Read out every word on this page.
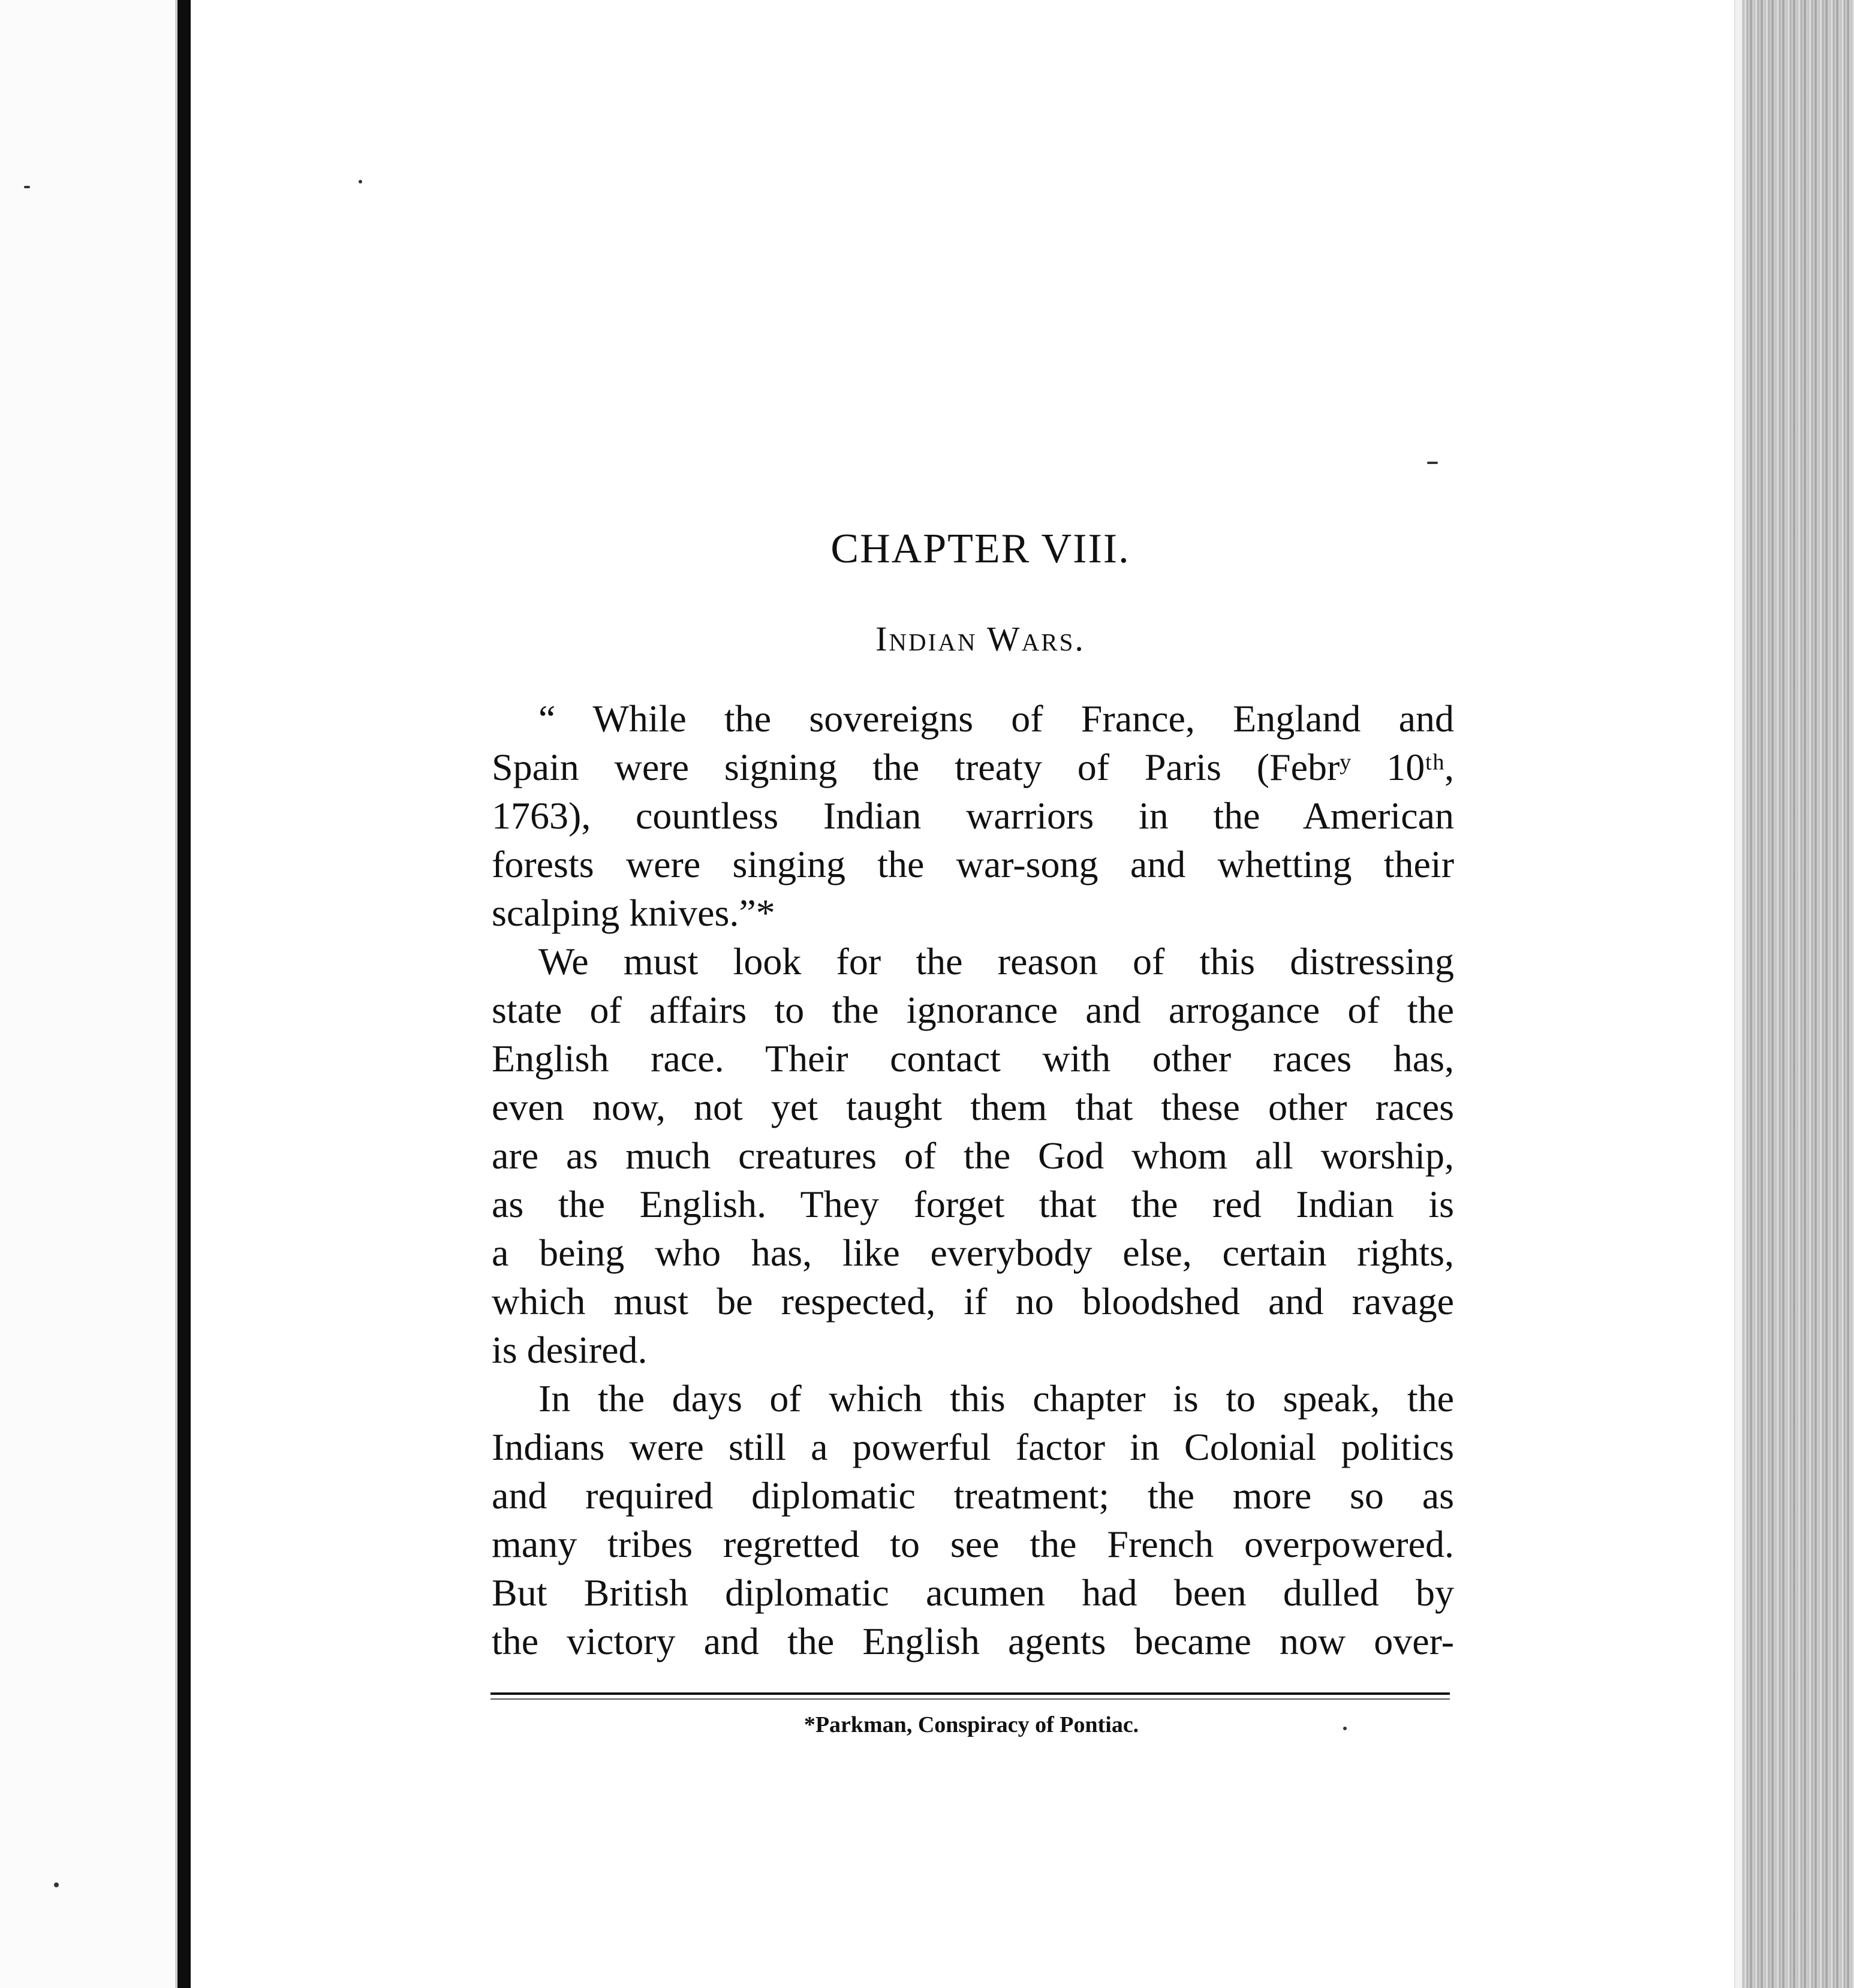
CHAPTER VIII.
Indian Wars.
“ While the sovereigns of France, England and
Spain were signing the treaty of Paris (Febrʸ 10ᵗʰ,
1763), countless Indian warriors in the American
forests were singing the war-song and whetting their
scalping knives.”*
We must look for the reason of this distressing
state of affairs to the ignorance and arrogance of the
English race. Their contact with other races has,
even now, not yet taught them that these other races
are as much creatures of the God whom all worship,
as the English. They forget that the red Indian is
a being who has, like everybody else, certain rights,
which must be respected, if no bloodshed and ravage
is desired.
In the days of which this chapter is to speak, the
Indians were still a powerful factor in Colonial politics
and required diplomatic treatment; the more so as
many tribes regretted to see the French overpowered.
But British diplomatic acumen had been dulled by
the victory and the English agents became now over-
*Parkman, Conspiracy of Pontiac.
